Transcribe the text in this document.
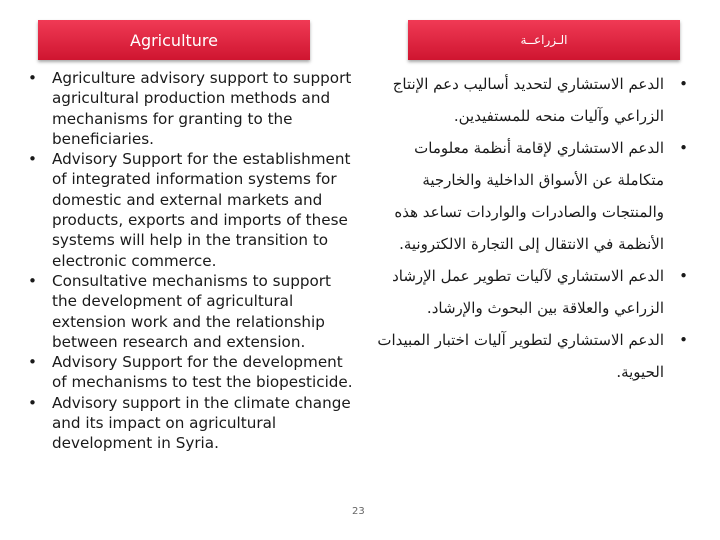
Agriculture	الـزراعــة
• Agriculture advisory support to support agricultural production methods and mechanisms for granting to the beneficiaries.
• Advisory Support for the establishment of integrated information systems for domestic and external markets and products, exports and imports of these systems will help in the transition to electronic commerce.
• Consultative mechanisms to support the development of agricultural extension work and the relationship between research and extension.
• Advisory Support for the development of mechanisms to test the biopesticide.
• Advisory support in the climate change and its impact on agricultural development in Syria.
• الدعم الاستشاري لتحديد أساليب دعم الإنتاج الزراعي وآليات منحه للمستفيدين.
• الدعم الاستشاري لإقامة أنظمة معلومات متكاملة عن الأسواق الداخلية والخارجية والمنتجات والصادرات والواردات تساعد هذه الأنظمة في الانتقال إلى التجارة الالكترونية.
• الدعم الاستشاري لآليات تطوير عمل الإرشاد الزراعي والعلاقة بين البحوث والإرشاد.
• الدعم الاستشاري لتطوير آليات اختبار المبيدات الحيوية.
23
